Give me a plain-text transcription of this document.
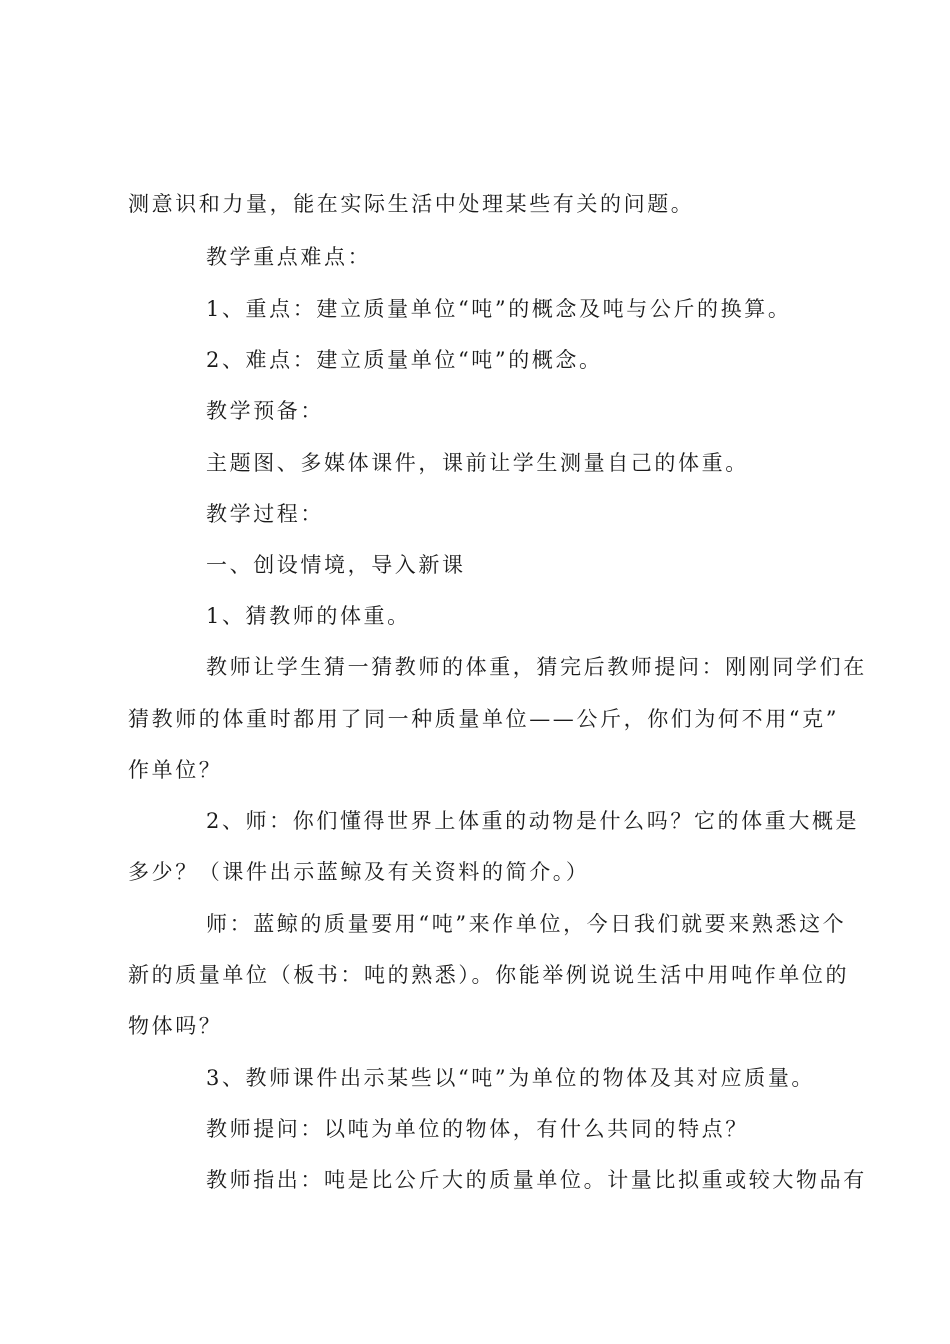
测意识和力量，能在实际生活中处理某些有关的问题。
教学重点难点：
1、重点：建立质量单位“吨”的概念及吨与公斤的换算。
2、难点：建立质量单位“吨”的概念。
教学预备：
主题图、多媒体课件，课前让学生测量自己的体重。
教学过程：
一、创设情境，导入新课
1、猜教师的体重。
教师让学生猜一猜教师的体重，猜完后教师提问：刚刚同学们在
猜教师的体重时都用了同一种质量单位——公斤，你们为何不用“克”
作单位？
2、师：你们懂得世界上体重的动物是什么吗？它的体重大概是
多少？（课件出示蓝鲸及有关资料的简介。）
师：蓝鲸的质量要用“吨”来作单位，今日我们就要来熟悉这个
新的质量单位（板书：吨的熟悉）。你能举例说说生活中用吨作单位的
物体吗？
3、教师课件出示某些以“吨”为单位的物体及其对应质量。
教师提问：以吨为单位的物体，有什么共同的特点？
教师指出：吨是比公斤大的质量单位。计量比拟重或较大物品有
